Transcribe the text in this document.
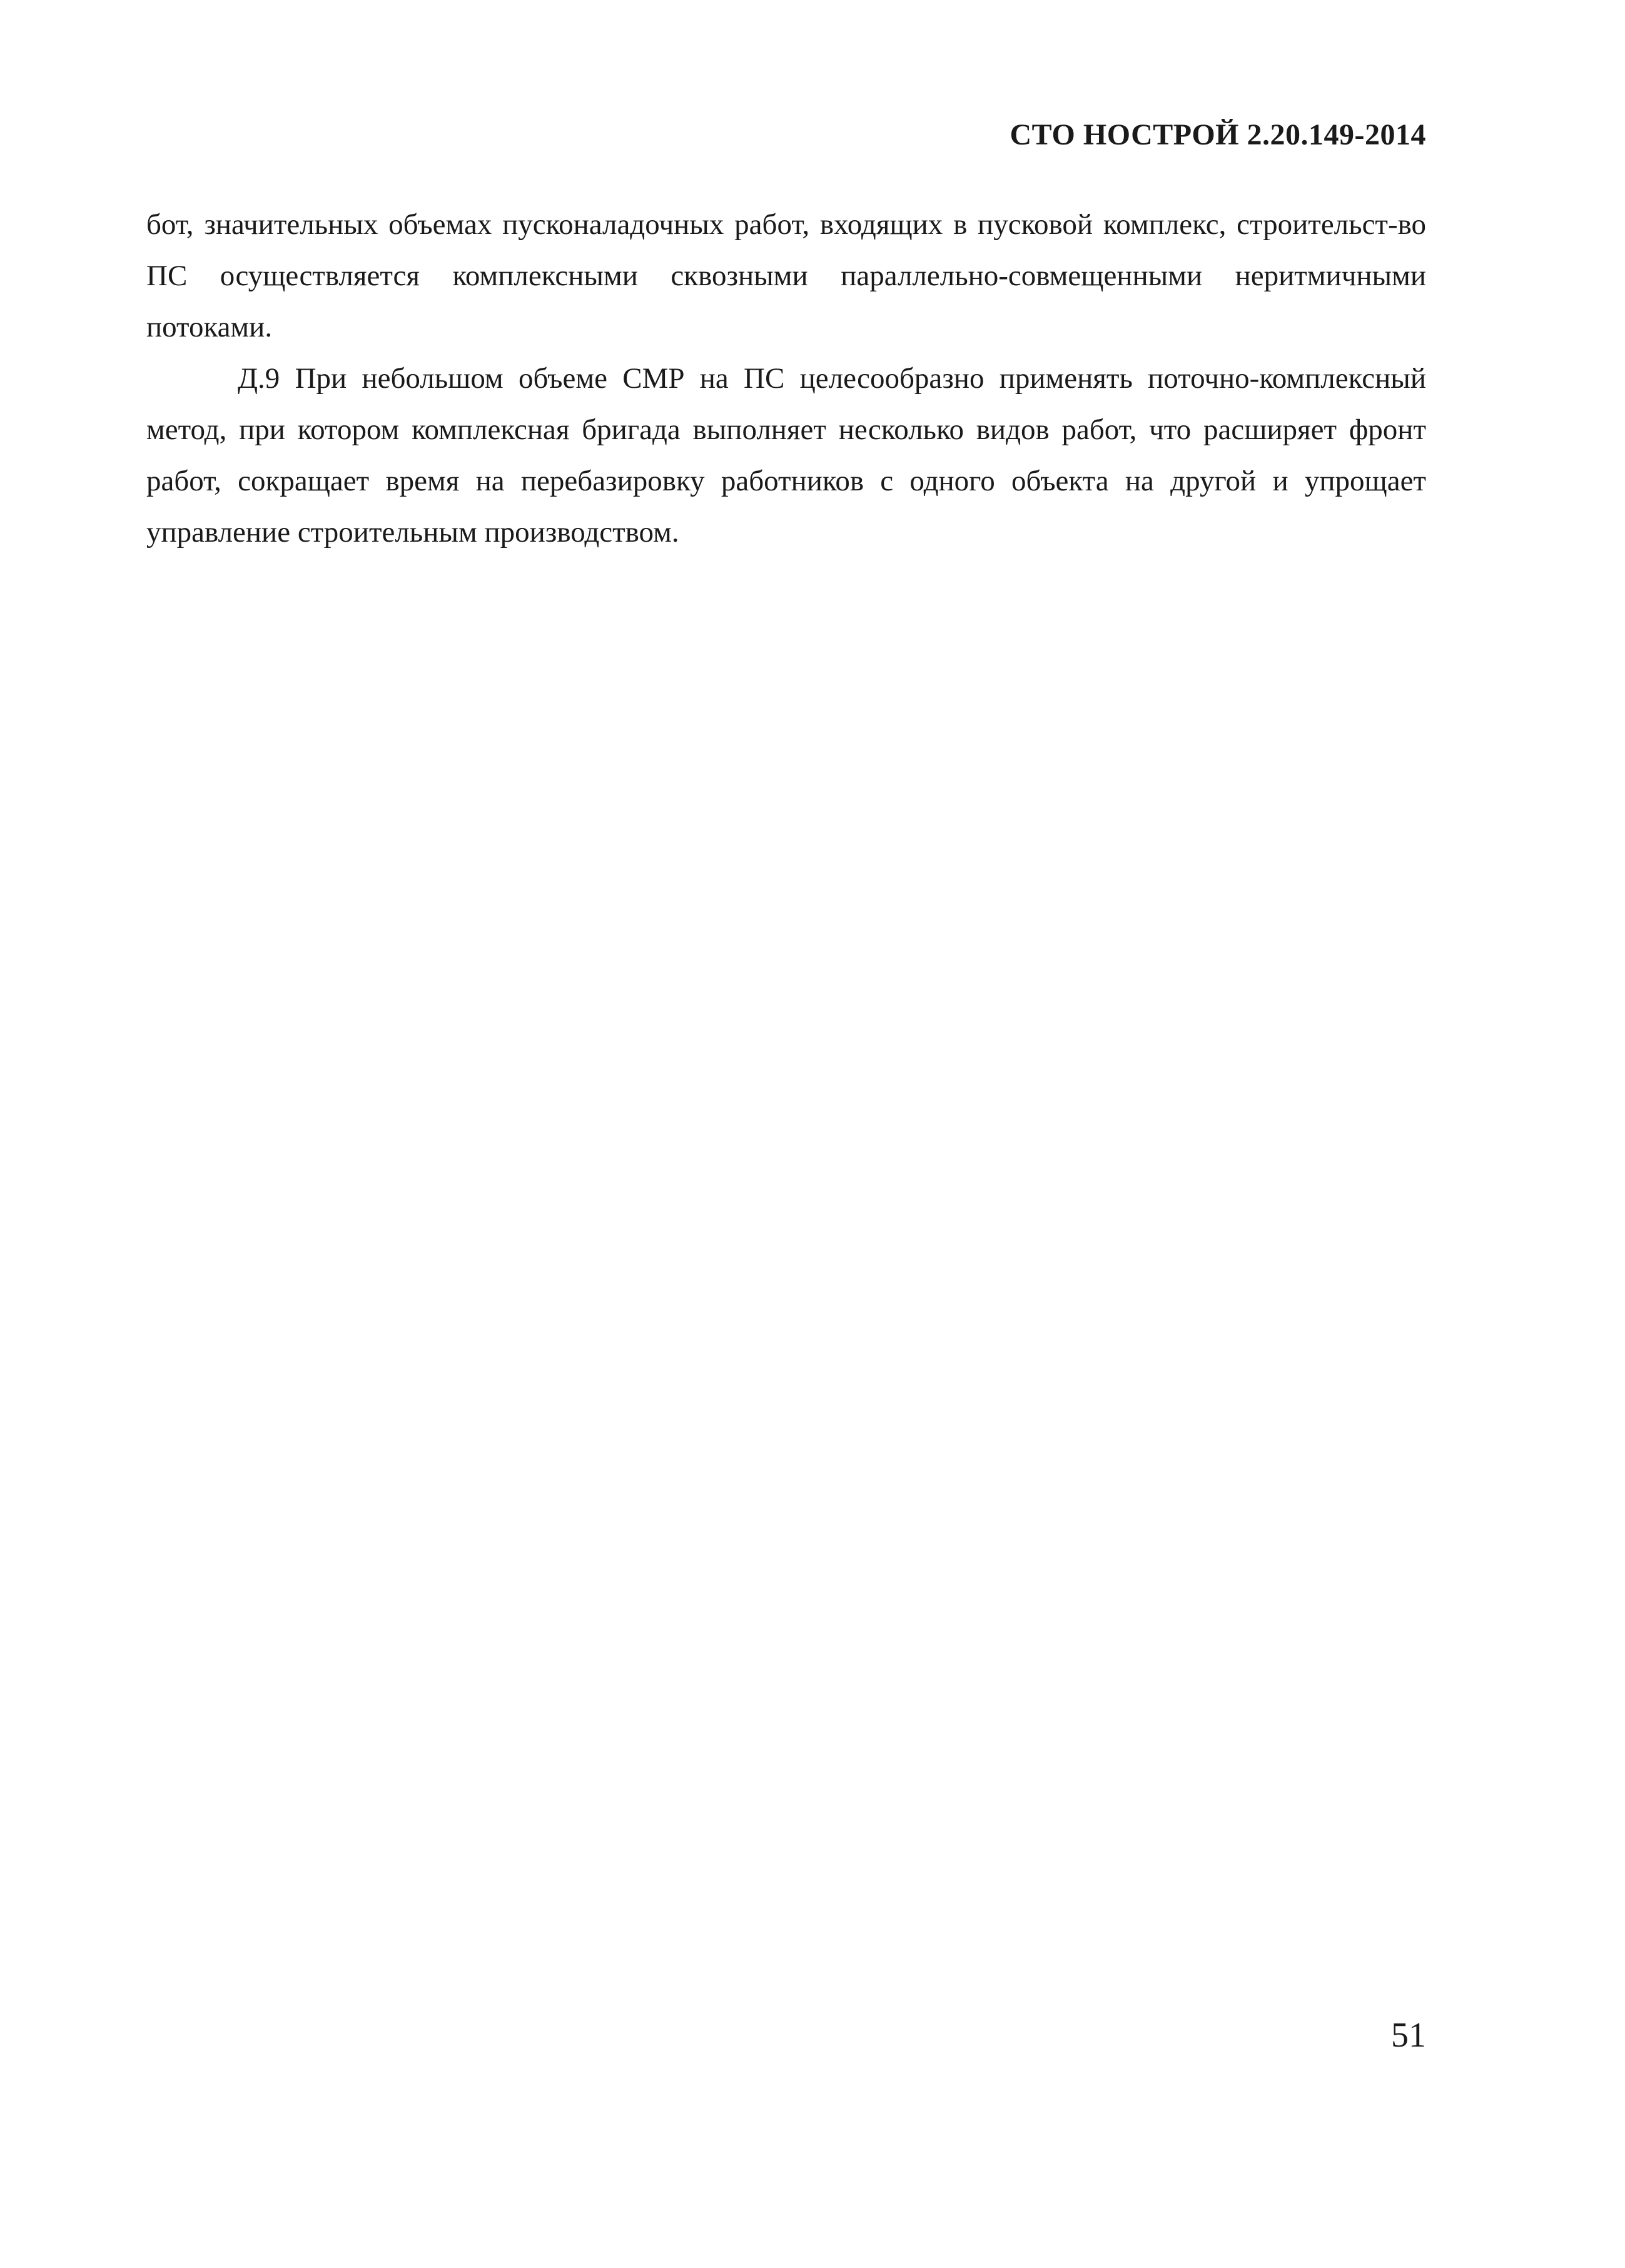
СТО НОСТРОЙ 2.20.149-2014

бот, значительных объемах пусконаладочных работ, входящих в пусковой комплекс, строительст-во ПС осуществляется комплексными сквозными параллельно-совмещенными неритмичными потоками.

Д.9 При небольшом объеме СМР на ПС целесообразно применять поточно-комплексный метод, при котором комплексная бригада выполняет несколько видов работ, что расширяет фронт работ, сокращает время на перебазировку работников с одного объекта на другой и упрощает управление строительным производством.

51
